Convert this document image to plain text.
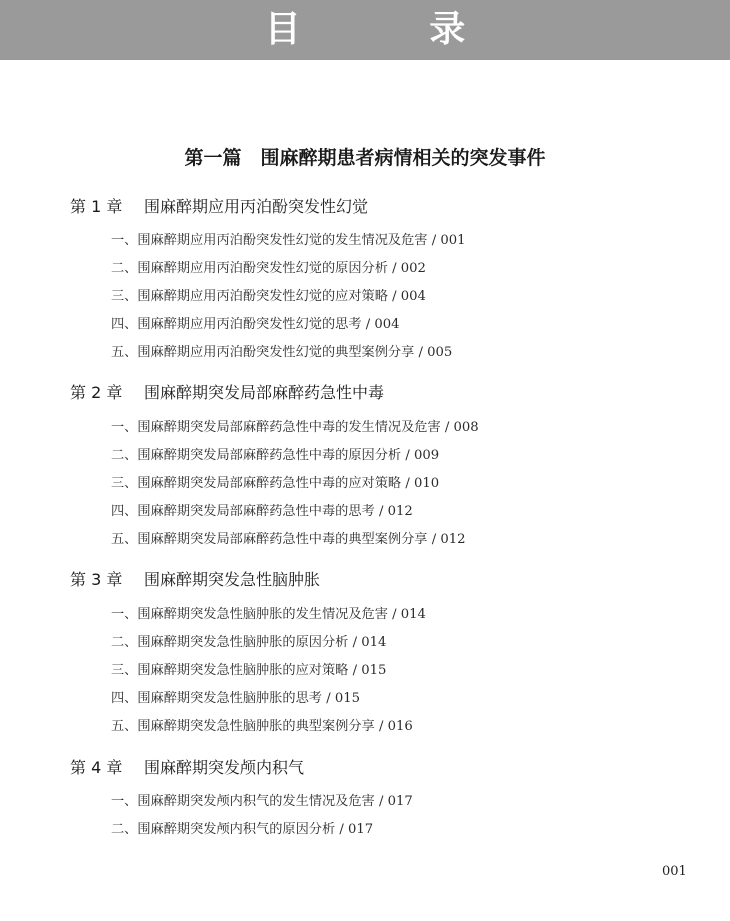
目 录
第一篇　围麻醉期患者病情相关的突发事件
第 1 章 围麻醉期应用丙泊酚突发性幻觉
一、围麻醉期应用丙泊酚突发性幻觉的发生情况及危害 / 001
二、围麻醉期应用丙泊酚突发性幻觉的原因分析 / 002
三、围麻醉期应用丙泊酚突发性幻觉的应对策略 / 004
四、围麻醉期应用丙泊酚突发性幻觉的思考 / 004
五、围麻醉期应用丙泊酚突发性幻觉的典型案例分享 / 005
第 2 章 围麻醉期突发局部麻醉药急性中毒
一、围麻醉期突发局部麻醉药急性中毒的发生情况及危害 / 008
二、围麻醉期突发局部麻醉药急性中毒的原因分析 / 009
三、围麻醉期突发局部麻醉药急性中毒的应对策略 / 010
四、围麻醉期突发局部麻醉药急性中毒的思考 / 012
五、围麻醉期突发局部麻醉药急性中毒的典型案例分享 / 012
第 3 章 围麻醉期突发急性脑肿胀
一、围麻醉期突发急性脑肿胀的发生情况及危害 / 014
二、围麻醉期突发急性脑肿胀的原因分析 / 014
三、围麻醉期突发急性脑肿胀的应对策略 / 015
四、围麻醉期突发急性脑肿胀的思考 / 015
五、围麻醉期突发急性脑肿胀的典型案例分享 / 016
第 4 章 围麻醉期突发颅内积气
一、围麻醉期突发颅内积气的发生情况及危害 / 017
二、围麻醉期突发颅内积气的原因分析 / 017
001
